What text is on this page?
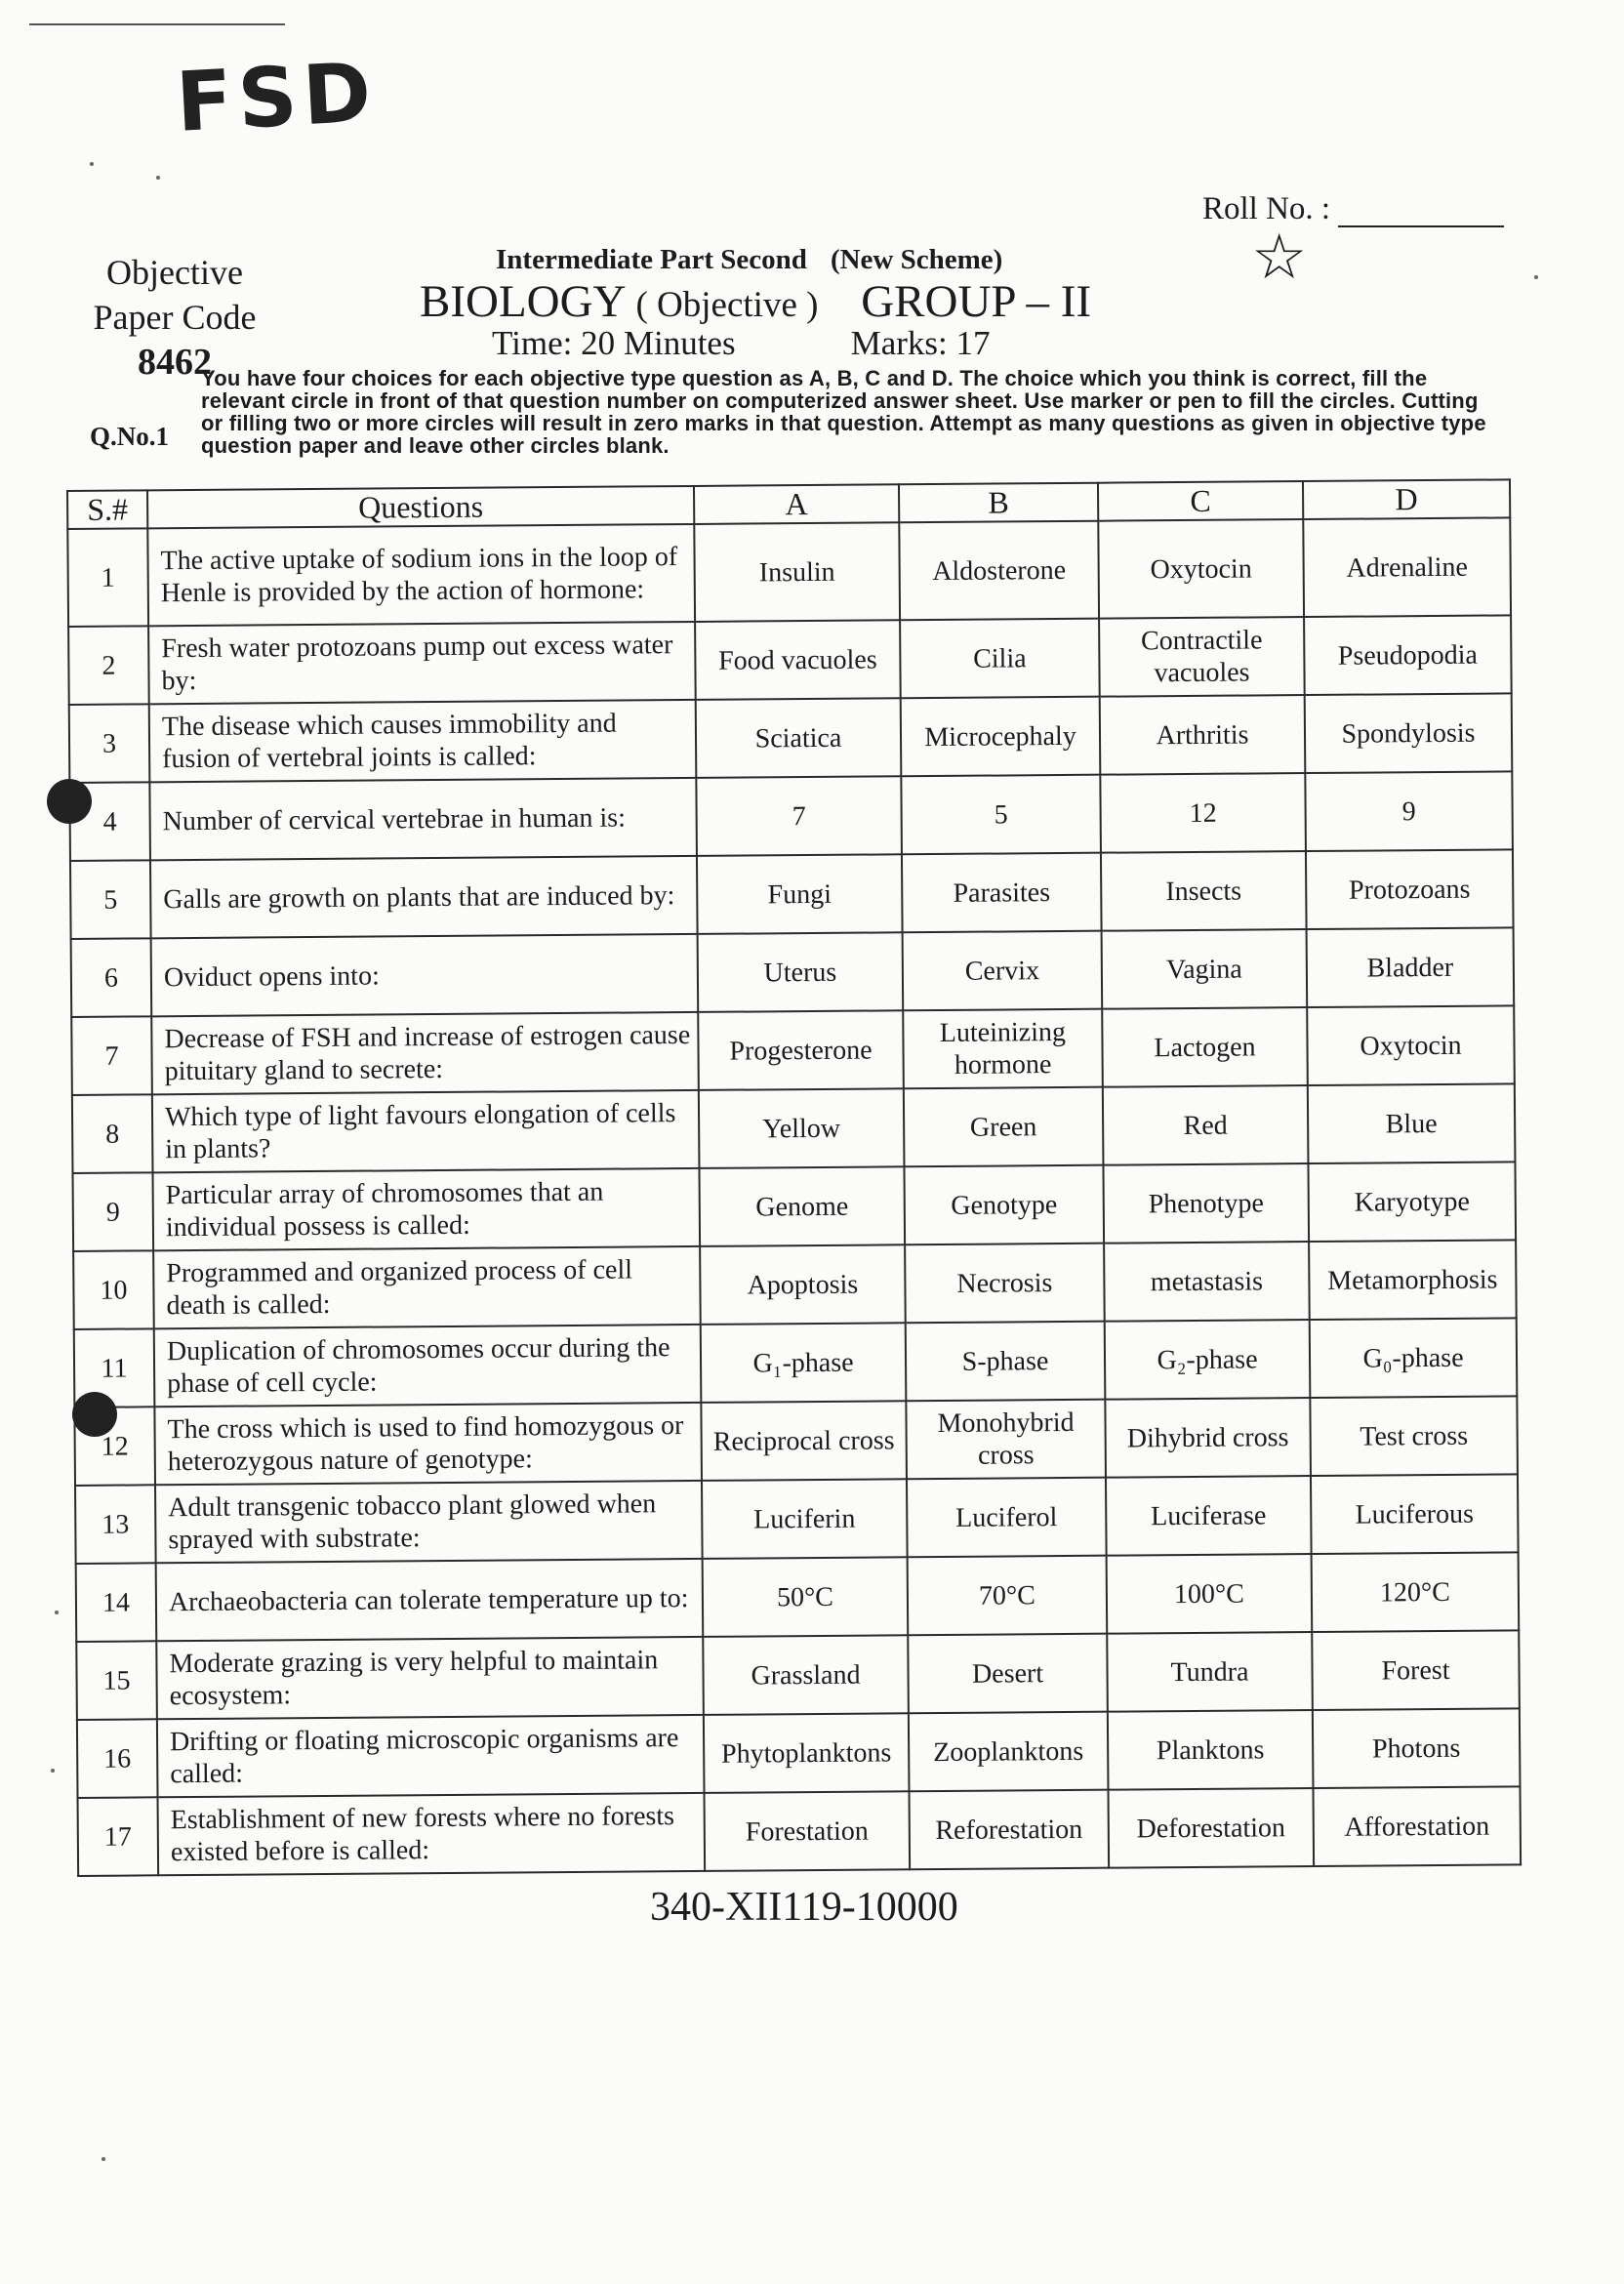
FSD
Roll No. :
☆
Objective
Paper Code
8462
Intermediate Part Second (New Scheme)
BIOLOGY ( Objective ) GROUP – II
Time: 20 Minutes	Marks: 17
Q.No.1
You have four choices for each objective type question as A, B, C and D. The choice which you think is correct, fill the relevant circle in front of that question number on computerized answer sheet. Use marker or pen to fill the circles. Cutting or filling two or more circles will result in zero marks in that question. Attempt as many questions as given in objective type question paper and leave other circles blank.
S.#	Questions	A	B	C	D
1	The active uptake of sodium ions in the loop of Henle is provided by the action of hormone:	Insulin	Aldosterone	Oxytocin	Adrenaline
2	Fresh water protozoans pump out excess water by:	Food vacuoles	Cilia	Contractile vacuoles	Pseudopodia
3	The disease which causes immobility and fusion of vertebral joints is called:	Sciatica	Microcephaly	Arthritis	Spondylosis
4	Number of cervical vertebrae in human is:	7	5	12	9
5	Galls are growth on plants that are induced by:	Fungi	Parasites	Insects	Protozoans
6	Oviduct opens into:	Uterus	Cervix	Vagina	Bladder
7	Decrease of FSH and increase of estrogen cause pituitary gland to secrete:	Progesterone	Luteinizing hormone	Lactogen	Oxytocin
8	Which type of light favours elongation of cells in plants?	Yellow	Green	Red	Blue
9	Particular array of chromosomes that an individual possess is called:	Genome	Genotype	Phenotype	Karyotype
10	Programmed and organized process of cell death is called:	Apoptosis	Necrosis	metastasis	Metamorphosis
11	Duplication of chromosomes occur during the phase of cell cycle:	G₁-phase	S-phase	G₂-phase	G₀-phase
12	The cross which is used to find homozygous or heterozygous nature of genotype:	Reciprocal cross	Monohybrid cross	Dihybrid cross	Test cross
13	Adult transgenic tobacco plant glowed when sprayed with substrate:	Luciferin	Luciferol	Luciferase	Luciferous
14	Archaeobacteria can tolerate temperature up to:	50°C	70°C	100°C	120°C
15	Moderate grazing is very helpful to maintain ecosystem:	Grassland	Desert	Tundra	Forest
16	Drifting or floating microscopic organisms are called:	Phytoplanktons	Zooplanktons	Planktons	Photons
17	Establishment of new forests where no forests existed before is called:	Forestation	Reforestation	Deforestation	Afforestation
340-XII119-10000
